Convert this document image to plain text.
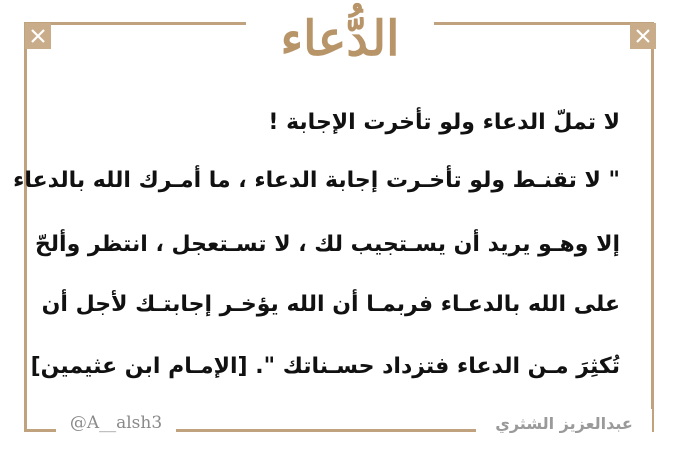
الدُّعاء
لا تملّ الدعاء ولو تأخرت الإجابة !
" لا تقنـط ولو تأخـرت إجابة الدعاء ، ما أمـرك الله بالدعاء
إلا وهـو يريد أن يسـتجيب لك ، لا تسـتعجل ، انتظر وألحّ
على الله بالدعـاء فربمـا أن الله يؤخـر إجابتـك لأجل أن
تُكثِرَ مـن الدعاء فتزداد حسـناتك ". [الإمـام ابن عثيمين]
@A__alsh3	عبدالعزيز الشثري
